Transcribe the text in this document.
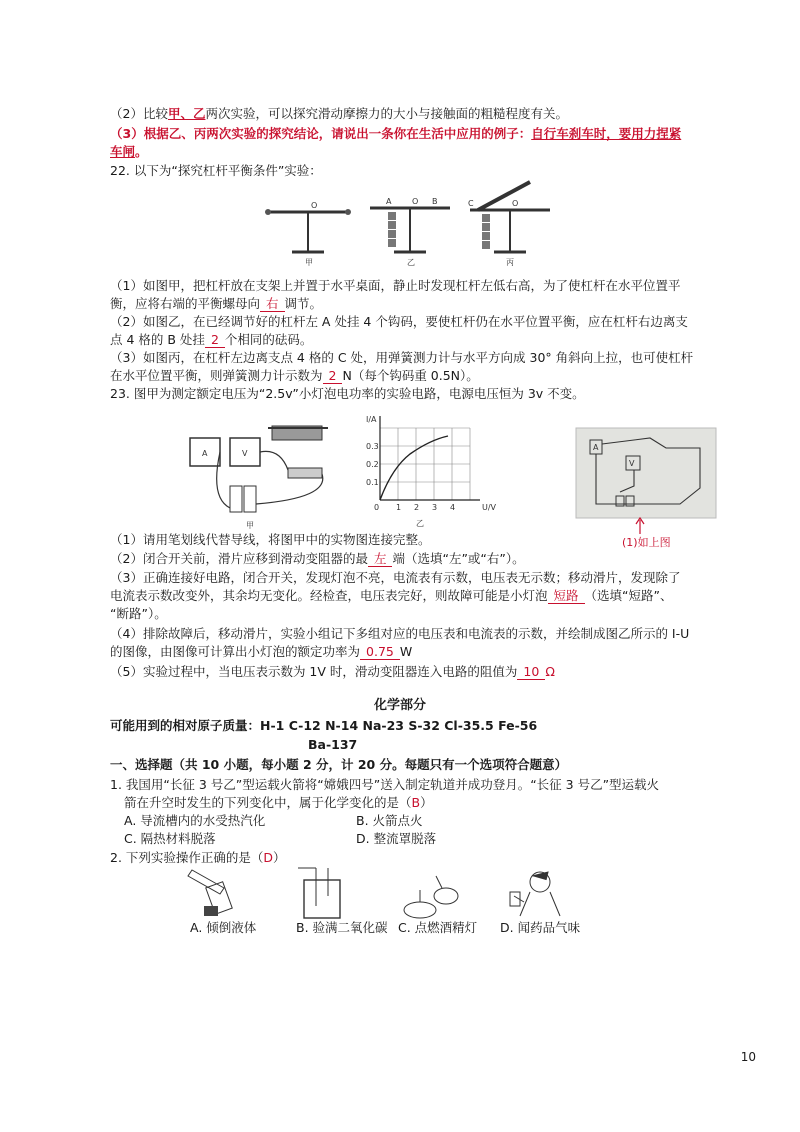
（2）比较甲、乙两次实验，可以探究滑动摩擦力的大小与接触面的粗糙程度有关。
（3）根据乙、丙两次实验的探究结论，请说出一条你在生活中应用的例子：自行车刹车时，要用力捏紧
车闸。
22. 以下为“探究杠杆平衡条件”实验：
O
甲
A	O B
乙
C	O
丙
（1）如图甲，把杠杆放在支架上并置于水平桌面，静止时发现杠杆左低右高，为了使杠杆在水平位置平
衡，应将右端的平衡螺母向 右 调节。
（2）如图乙，在已经调节好的杠杆左 A 处挂 4 个钩码，要使杠杆仍在水平位置平衡，应在杠杆右边离支
点 4 格的 B 处挂 2 个相同的砝码。
（3）如图丙，在杠杆左边离支点 4 格的 C 处，用弹簧测力计与水平方向成 30° 角斜向上拉，也可使杠杆
在水平位置平衡，则弹簧测力计示数为 2 N（每个钩码重 0.5N）。
23. 图甲为测定额定电压为“2.5v”小灯泡电功率的实验电路，电源电压恒为 3v 不变。
A	V
甲
I/A
U/V
0.3
0.2
0.1
0 1 2 3 4
乙
A
V

(1)如上图
（1）请用笔划线代替导线，将图甲中的实物图连接完整。
（2）闭合开关前，滑片应移到滑动变阻器的最 左 端（选填“左”或“右”）。
（3）正确连接好电路，闭合开关，发现灯泡不亮，电流表有示数，电压表无示数；移动滑片，发现除了
电流表示数改变外，其余均无变化。经检查，电压表完好，则故障可能是小灯泡 短路 （选填“短路”、
“断路”）。
（4）排除故障后，移动滑片，实验小组记下多组对应的电压表和电流表的示数，并绘制成图乙所示的 I-U
的图像，由图像可计算出小灯泡的额定功率为 0.75 W
（5）实验过程中，当电压表示数为 1V 时，滑动变阻器连入电路的阻值为 10 Ω
化学部分
可能用到的相对原子质量：H-1 C-12 N-14 Na-23 S-32 Cl-35.5 Fe-56
Ba-137
一、选择题（共 10 小题，每小题 2 分，计 20 分。每题只有一个选项符合题意）
1. 我国用“长征 3 号乙”型运载火箭将“嫦娥四号”送入制定轨道并成功登月。“长征 3 号乙”型运载火
箭在升空时发生的下列变化中，属于化学变化的是（B）
A. 导流槽内的水受热汽化	B. 火箭点火
C. 隔热材料脱落	D. 整流罩脱落
2. 下列实验操作正确的是（D）
A. 倾倒液体	B. 验满二氧化碳 C. 点燃酒精灯 D. 闻药品气味
10
